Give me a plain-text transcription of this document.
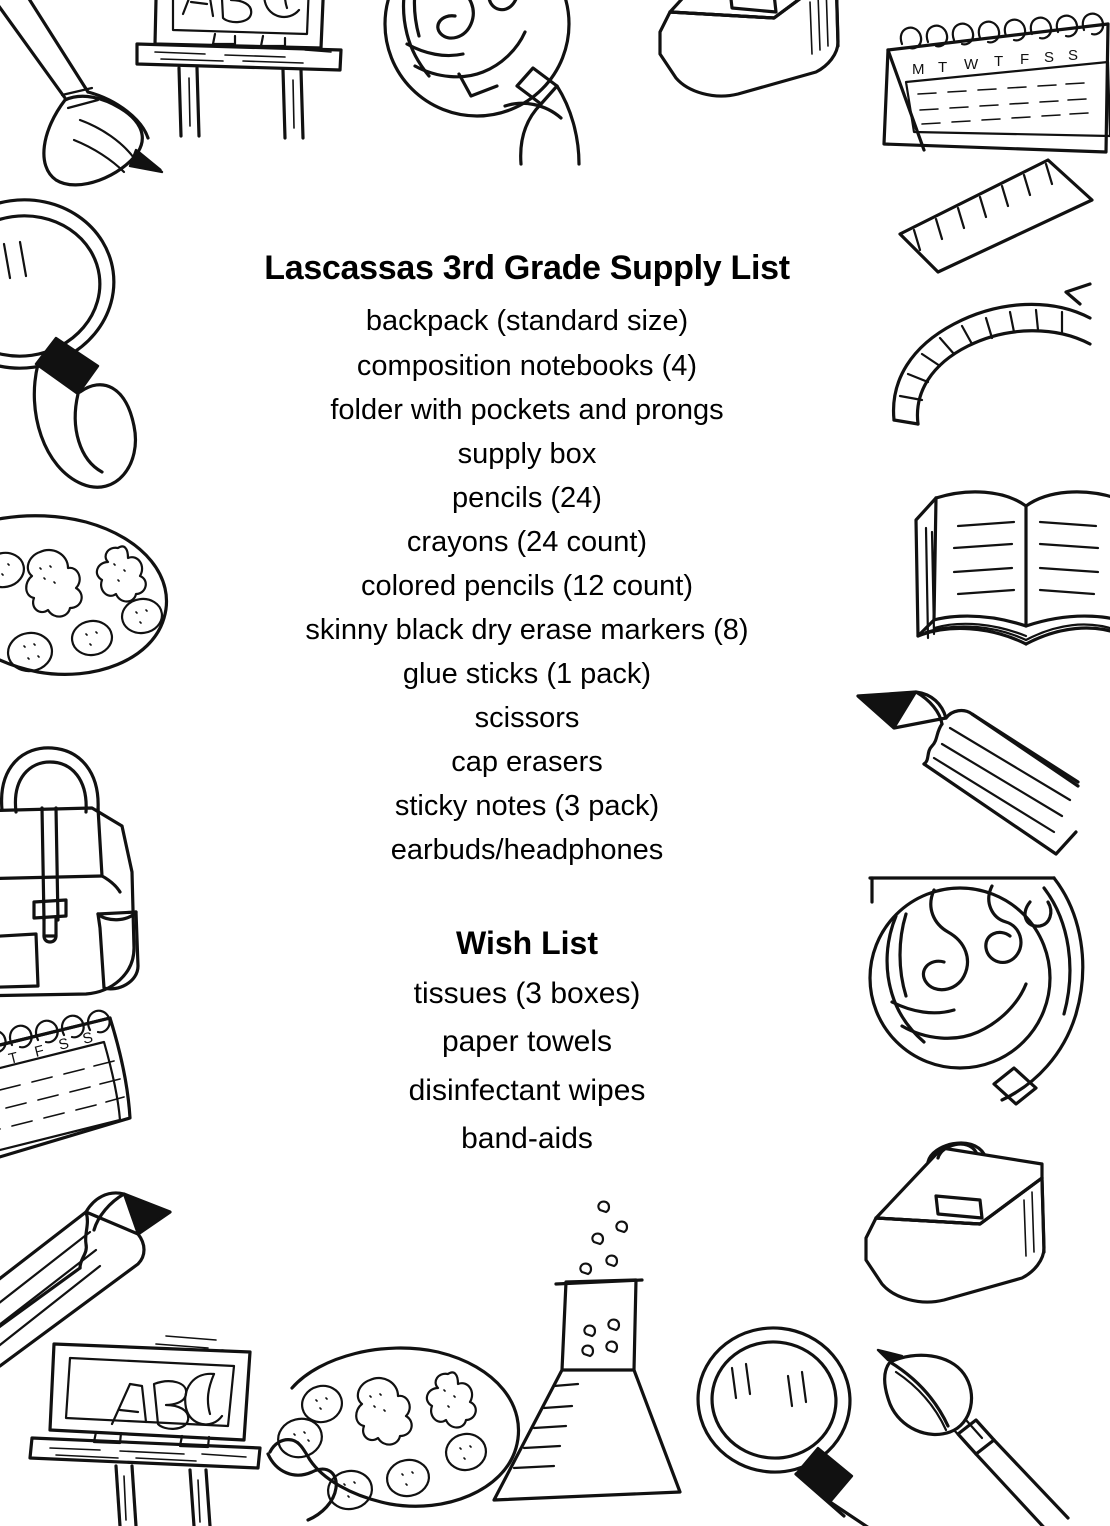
M T W T F S S
T F S S
Lascassas 3rd Grade Supply List
backpack (standard size)
composition notebooks (4)
folder with pockets and prongs
supply box
pencils (24)
crayons (24 count)
colored pencils (12 count)
skinny black dry erase markers (8)
glue sticks (1 pack)
scissors
cap erasers
sticky notes (3 pack)
earbuds/headphones
Wish List
tissues (3 boxes)
paper towels
disinfectant wipes
band-aids
